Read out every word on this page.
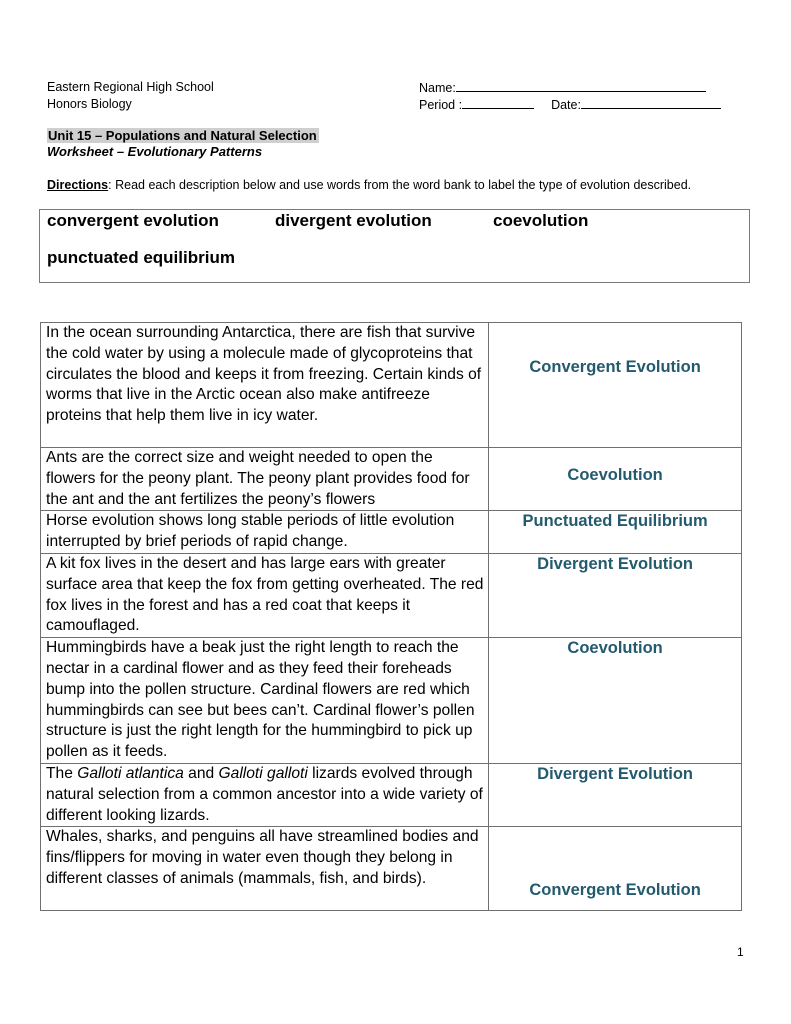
Eastern Regional High School
Honors Biology
Name:
Period :	Date:
Unit 15 – Populations and Natural Selection
Worksheet – Evolutionary Patterns
Directions: Read each description below and use words from the word bank to label the type of evolution described.
convergent evolution	divergent evolution	coevolution
punctuated equilibrium
In the ocean surrounding Antarctica, there are fish that survive the cold water by using a molecule made of glycoproteins that circulates the blood and keeps it from freezing. Certain kinds of worms that live in the Arctic ocean also make antifreeze proteins that help them live in icy water.	Convergent Evolution
Ants are the correct size and weight needed to open the flowers for the peony plant. The peony plant provides food for the ant and the ant fertilizes the peony’s flowers	Coevolution
Horse evolution shows long stable periods of little evolution interrupted by brief periods of rapid change.	Punctuated Equilibrium
A kit fox lives in the desert and has large ears with greater surface area that keep the fox from getting overheated. The red fox lives in the forest and has a red coat that keeps it camouflaged.	Divergent Evolution
Hummingbirds have a beak just the right length to reach the nectar in a cardinal flower and as they feed their foreheads bump into the pollen structure. Cardinal flowers are red which hummingbirds can see but bees can’t. Cardinal flower’s pollen structure is just the right length for the hummingbird to pick up pollen as it feeds.	Coevolution
The Galloti atlantica and Galloti galloti lizards evolved through natural selection from a common ancestor into a wide variety of different looking lizards.	Divergent Evolution
Whales, sharks, and penguins all have streamlined bodies and fins/flippers for moving in water even though they belong in different classes of animals (mammals, fish, and birds).	Convergent Evolution
1
